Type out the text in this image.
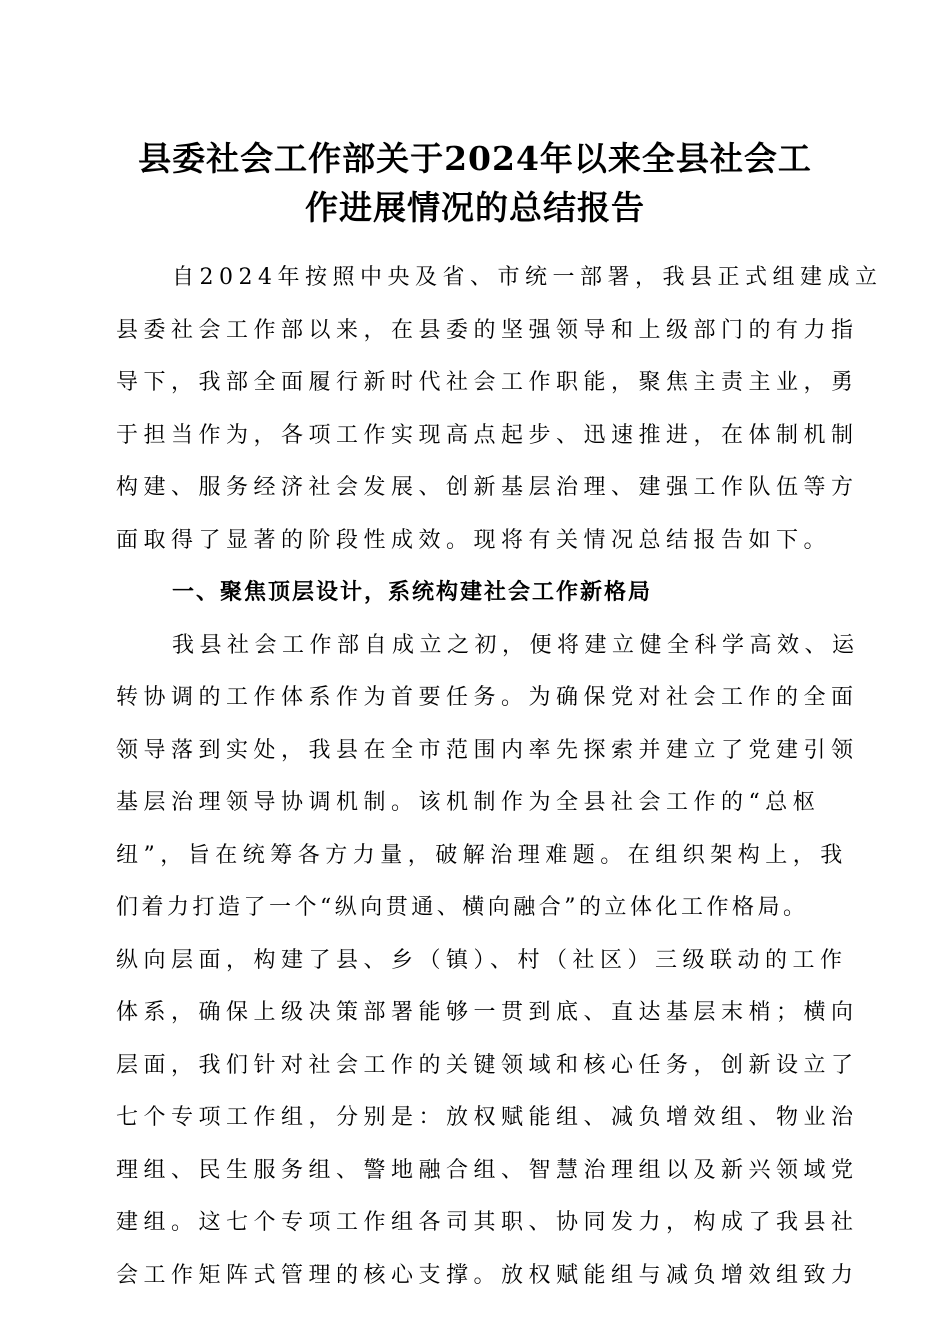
县委社会工作部关于2024年以来全县社会工
作进展情况的总结报告
自2024年按照中央及省、市统一部署，我县正式组建成立
县委社会工作部以来，在县委的坚强领导和上级部门的有力指
导下，我部全面履行新时代社会工作职能，聚焦主责主业，勇
于担当作为，各项工作实现高点起步、迅速推进，在体制机制
构建、服务经济社会发展、创新基层治理、建强工作队伍等方
面取得了显著的阶段性成效。现将有关情况总结报告如下。
一、聚焦顶层设计，系统构建社会工作新格局
我县社会工作部自成立之初，便将建立健全科学高效、运
转协调的工作体系作为首要任务。为确保党对社会工作的全面
领导落到实处，我县在全市范围内率先探索并建立了党建引领
基层治理领导协调机制。该机制作为全县社会工作的“总枢
纽”，旨在统筹各方力量，破解治理难题。在组织架构上，我
们着力打造了一个“纵向贯通、横向融合”的立体化工作格局。
纵向层面，构建了县、乡（镇）、村（社区）三级联动的工作
体系，确保上级决策部署能够一贯到底、直达基层末梢；横向
层面，我们针对社会工作的关键领域和核心任务，创新设立了
七个专项工作组，分别是：放权赋能组、减负增效组、物业治
理组、民生服务组、警地融合组、智慧治理组以及新兴领域党
建组。这七个专项工作组各司其职、协同发力，构成了我县社
会工作矩阵式管理的核心支撑。放权赋能组与减负增效组致力
